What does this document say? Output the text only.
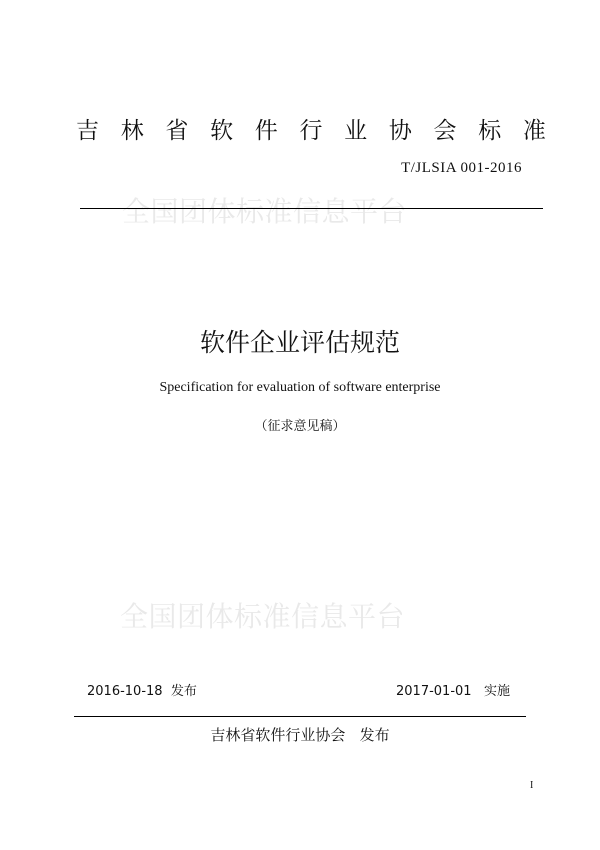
全国团体标准信息平台
全国团体标准信息平台
吉 林 省 软 件 行 业 协 会 标 准
T/JLSIA 001-2016
软件企业评估规范
Specification for evaluation of software enterprise
（征求意见稿）
2016-10-18  发布	2017-01-01   实施
吉林省软件行业协会   发布
I
